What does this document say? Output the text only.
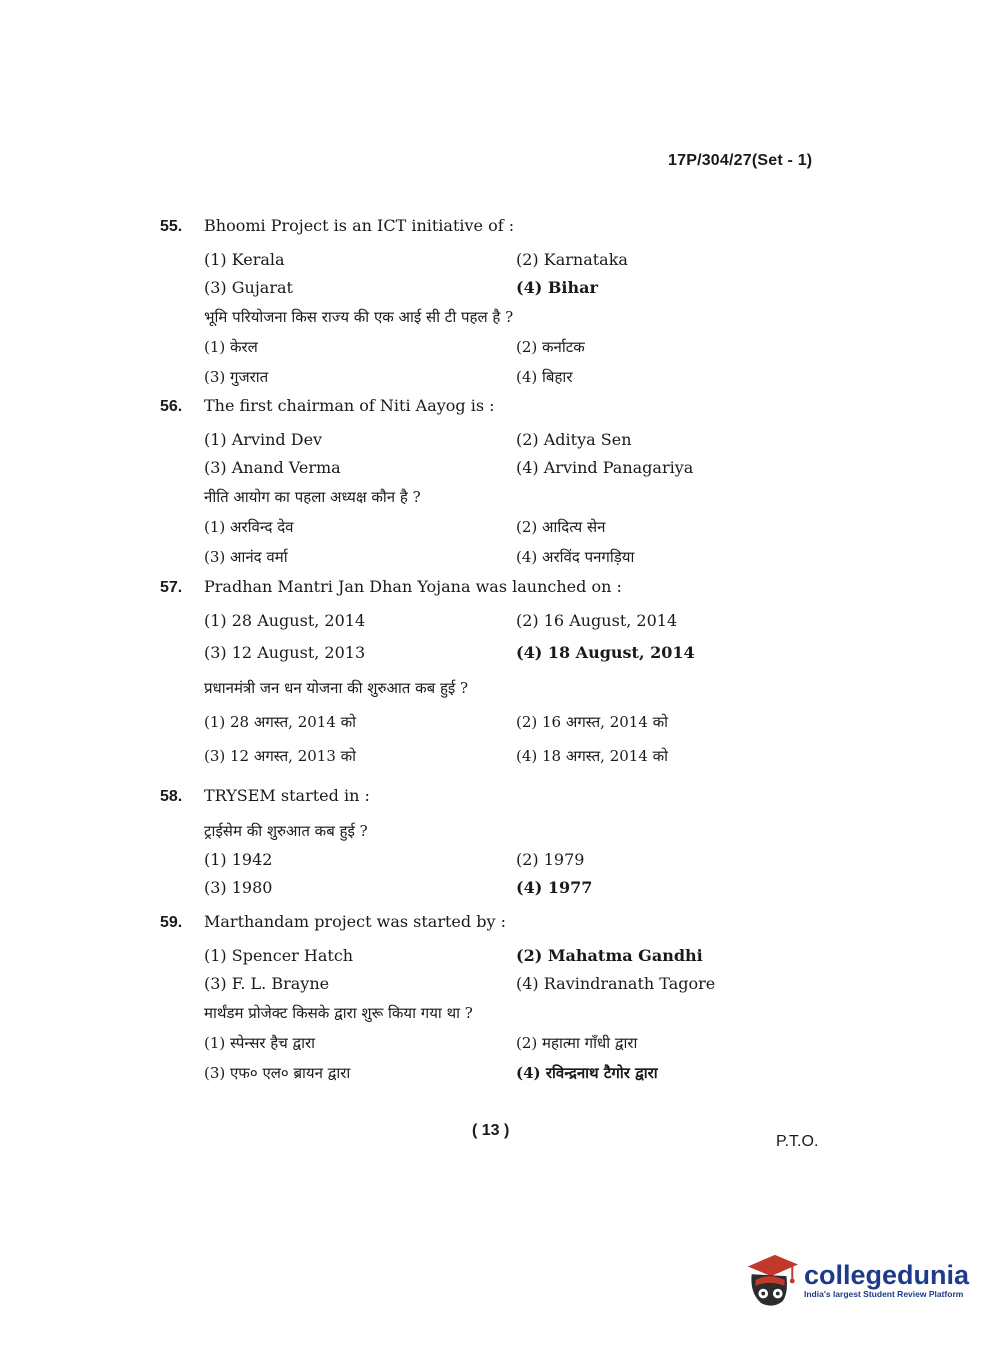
17P/304/27(Set - 1)
55.	Bhoomi Project is an ICT initiative of :
(1) Kerala	(2) Karnataka
(3) Gujarat	(4) Bihar
भूमि परियोजना किस राज्य की एक आई सी टी पहल है ?
(1) केरल	(2) कर्नाटक
(3) गुजरात	(4) बिहार
56.	The first chairman of Niti Aayog is :
(1) Arvind Dev	(2) Aditya Sen
(3) Anand Verma	(4) Arvind Panagariya
नीति आयोग का पहला अध्यक्ष कौन है ?
(1) अरविन्द देव	(2) आदित्य सेन
(3) आनंद वर्मा	(4) अरविंद पनगड़िया
57.	Pradhan Mantri Jan Dhan Yojana was launched on :
(1) 28 August, 2014	(2) 16 August, 2014
(3) 12 August, 2013	(4) 18 August, 2014
प्रधानमंत्री जन धन योजना की शुरुआत कब हुई ?
(1) 28 अगस्त, 2014 को	(2) 16 अगस्त, 2014 को
(3) 12 अगस्त, 2013 को	(4) 18 अगस्त, 2014 को
58.	TRYSEM started in :
ट्राईसेम की शुरुआत कब हुई ?
(1) 1942	(2) 1979
(3) 1980	(4) 1977
59.	Marthandam project was started by :
(1) Spencer Hatch	(2) Mahatma Gandhi
(3) F. L. Brayne	(4) Ravindranath Tagore
मार्थंडम प्रोजेक्ट किसके द्वारा शुरू किया गया था ?
(1) स्पेन्सर हैच द्वारा	(2) महात्मा गाँधी द्वारा
(3) एफ० एल० ब्रायन द्वारा	(4) रविन्द्रनाथ टैगोर द्वारा
( 13 )
P.T.O.
collegedunia
India's largest Student Review Platform
